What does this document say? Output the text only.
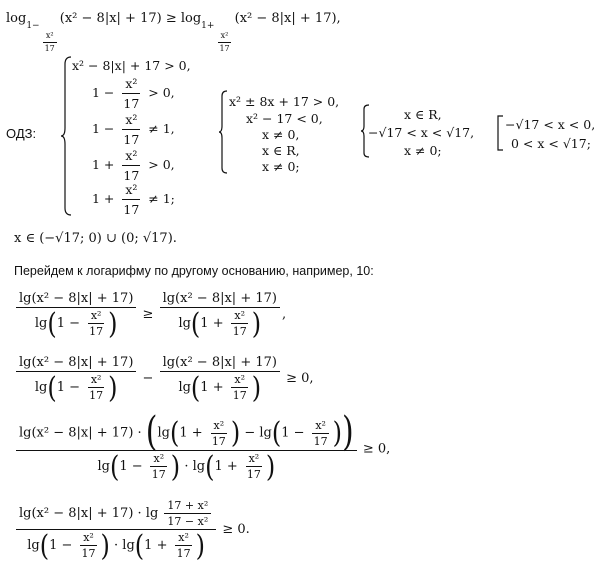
$\log_{1- \frac{\text{x²}}{17}}$
$(x^2 - 8|x| + 17) \ge \log_{1+ \frac{\text{x²}}{17}}$
(x² − 8|x| + 17),
ОДЗ:
x² − 8|x| + 17 > 0,
$1 - \frac{\text{x²}}{17} > 0$,
$1 - \frac{\text{x²}}{17} \ne 1$,
$1 + \frac{\text{x²}}{17} > 0$,
$1 + \frac{\text{x²}}{17} \ne 1$;
x² ± 8x + 17 > 0,
x² − 17 < 0,
x ≠ 0,
x ∈ R,
x ≠ 0;
x ∈ R,
−√17 < x < √17,
x ≠ 0;
−√17 < x < 0,
0 < x < √17;
x ∈ (−√17; 0) ∪ (0; √17).
Перейдем к логарифму по другому основанию, например, 10:
$\frac{\text{lg(x² − 8|x| + 17)}}{\lg(1 - \frac{\text{x²}}{17} )} \ge \frac{\text{lg(x² − 8|x| + 17)}}{\lg(1 + \frac{\text{x²}}{17} )}$ ,
$\frac{\text{lg(x² − 8|x| + 17)}}{\lg(1 - \frac{\text{x²}}{17} )} - \frac{\text{lg(x² − 8|x| + 17)}}{\lg(1 + \frac{\text{x²}}{17} )} \ge 0$,
$\frac{\lg(x^2 - 8|x| + 17) \cdot (\lg(1 + \frac{\text{x²}}{17} ) - \lg(1 - \frac{\text{x²}}{17} ))}{\lg(1 - \frac{\text{x²}}{17} ) \cdot \lg(1 + \frac{\text{x²}}{17} )} \ge 0$,
$\frac{\lg(x^2 - 8|x| + 17) \cdot \lg \frac{\text{17 + x²}}{\text{17 − x²}}}{\lg(1 - \frac{\text{x²}}{17} ) \cdot \lg(1 + \frac{\text{x²}}{17} )} \ge 0$.
